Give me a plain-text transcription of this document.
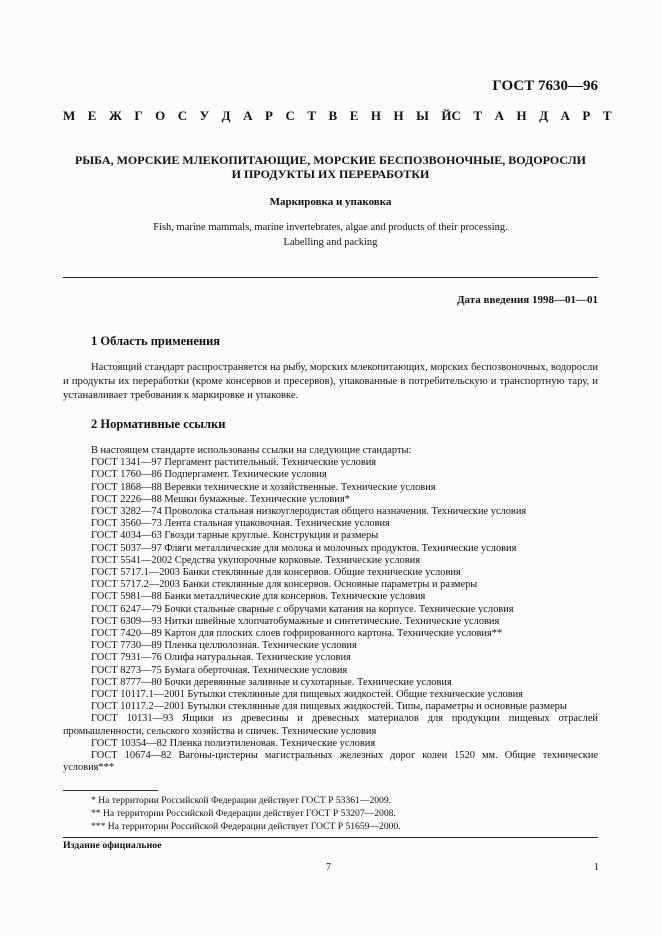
ГОСТ 7630—96
М Е Ж Г О С У Д А Р С Т В Е Н Н Ы Й С Т А Н Д А Р Т
РЫБА, МОРСКИЕ МЛЕКОПИТАЮЩИЕ, МОРСКИЕ БЕСПОЗВОНОЧНЫЕ, ВОДОРОСЛИ
И ПРОДУКТЫ ИХ ПЕРЕРАБОТКИ
Маркировка и упаковка
Fish, marine mammals, marine invertebrates, algae and products of their processing.
Labelling and packing
Дата введения 1998—01—01
1 Область применения
Настоящий стандарт распространяется на рыбу, морских млекопитающих, морских беспозвоночных, водоросли и продукты их переработки (кроме консервов и пресервов), упакованные в потребительскую и транспортную тару, и устанавливает требования к маркировке и упаковке.
2 Нормативные ссылки
В настоящем стандарте использованы ссылки на следующие стандарты:
ГОСТ 1341—97 Пергамент растительный. Технические условия
ГОСТ 1760—86 Подпергамент. Технические условия
ГОСТ 1868—88 Веревки технические и хозяйственные. Технические условия
ГОСТ 2226—88 Мешки бумажные. Технические условия*
ГОСТ 3282—74 Проволока стальная низкоуглеродистая общего назначения. Технические условия
ГОСТ 3560—73 Лента стальная упаковочная. Технические условия
ГОСТ 4034—63 Гвозди тарные круглые. Конструкция и размеры
ГОСТ 5037—97 Фляги металлические для молока и молочных продуктов. Технические условия
ГОСТ 5541—2002 Средства укупорочные корковые. Технические условия
ГОСТ 5717.1—2003 Банки стеклянные для консервов. Общие технические условия
ГОСТ 5717.2—2003 Банки стеклянные для консервов. Основные параметры и размеры
ГОСТ 5981—88 Банки металлические для консервов. Технические условия
ГОСТ 6247—79 Бочки стальные сварные с обручами катания на корпусе. Технические условия
ГОСТ 6309—93 Нитки швейные хлопчатобумажные и синтетические. Технические условия
ГОСТ 7420—89 Картон для плоских слоев гофрированного картона. Технические условия**
ГОСТ 7730—89 Пленка целлюлозная. Технические условия
ГОСТ 7931—76 Олифа натуральная. Технические условия
ГОСТ 8273—75 Бумага оберточная. Технические условия
ГОСТ 8777—80 Бочки деревянные заливные и сухотарные. Технические условия
ГОСТ 10117.1—2001 Бутылки стеклянные для пищевых жидкостей. Общие технические условия
ГОСТ 10117.2—2001 Бутылки стеклянные для пищевых жидкостей. Типы, параметры и основные размеры
ГОСТ 10131—93 Ящики из древесины и древесных материалов для продукции пищевых отраслей промышленности, сельского хозяйства и спичек. Технические условия
ГОСТ 10354—82 Пленка полиэтиленовая. Технические условия
ГОСТ 10674—82 Вагоны-цистерны магистральных железных дорог колеи 1520 мм. Общие технические условия***
* На территории Российской Федерации действует ГОСТ Р 53361—2009.
** На территории Российской Федерации действует ГОСТ Р 53207—2008.
*** На территории Российской Федерации действует ГОСТ Р 51659—2000.
Издание официальное
7	1
